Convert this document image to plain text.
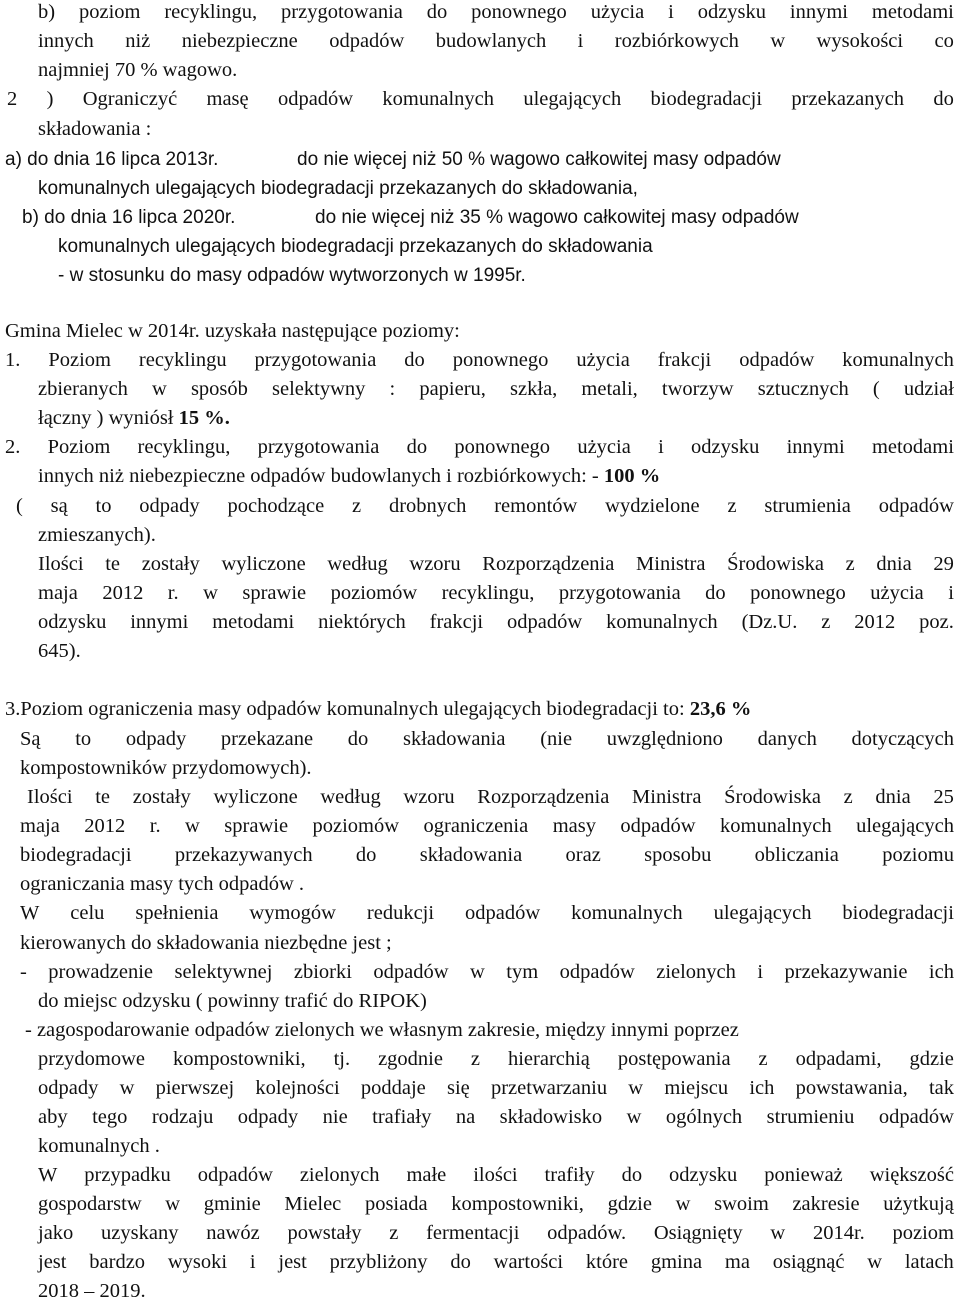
b) poziom recyklingu, przygotowania do ponownego użycia i odzysku innymi metodami
innych niż niebezpieczne odpadów budowlanych i rozbiórkowych w wysokości co
najmniej 70 % wagowo.
2 ) Ograniczyć masę odpadów komunalnych ulegających biodegradacji przekazanych do
składowania :
a) do dnia 16 lipca 2013r.	do nie więcej niż 50 % wagowo całkowitej masy odpadów
komunalnych ulegających biodegradacji przekazanych do składowania,
b) do dnia 16 lipca 2020r.	do nie więcej niż 35 % wagowo całkowitej masy odpadów
komunalnych ulegających biodegradacji przekazanych do składowania
- w stosunku do masy odpadów wytworzonych w 1995r.
Gmina Mielec w 2014r. uzyskała następujące poziomy:
1. Poziom recyklingu przygotowania do ponownego użycia frakcji odpadów komunalnych
zbieranych w sposób selektywny : papieru, szkła, metali, tworzyw sztucznych ( udział
łączny ) wyniósł 15 %.
2. Poziom recyklingu, przygotowania do ponownego użycia i odzysku innymi metodami
innych niż niebezpieczne odpadów budowlanych i rozbiórkowych: - 100 %
( są to odpady pochodzące z drobnych remontów wydzielone z strumienia odpadów
zmieszanych).
Ilości te zostały wyliczone według wzoru Rozporządzenia Ministra Środowiska z dnia 29
maja 2012 r. w sprawie poziomów recyklingu, przygotowania do ponownego użycia i
odzysku innymi metodami niektórych frakcji odpadów komunalnych (Dz.U. z 2012 poz.
645).
3.Poziom ograniczenia masy odpadów komunalnych ulegających biodegradacji to: 23,6 %
Są to odpady przekazane do składowania (nie uwzględniono danych dotyczących
kompostowników przydomowych).
Ilości te zostały wyliczone według wzoru Rozporządzenia Ministra Środowiska z dnia 25
maja 2012 r. w sprawie poziomów ograniczenia masy odpadów komunalnych ulegających
biodegradacji przekazywanych do składowania oraz sposobu obliczania poziomu
ograniczania masy tych odpadów .
W celu spełnienia wymogów redukcji odpadów komunalnych ulegających biodegradacji
kierowanych do składowania niezbędne jest ;
- prowadzenie selektywnej zbiorki odpadów w tym odpadów zielonych i przekazywanie ich
do miejsc odzysku ( powinny trafić do RIPOK)
- zagospodarowanie odpadów zielonych we własnym zakresie, między innymi poprzez
przydomowe kompostowniki, tj. zgodnie z hierarchią postępowania z odpadami, gdzie
odpady w pierwszej kolejności poddaje się przetwarzaniu w miejscu ich powstawania, tak
aby tego rodzaju odpady nie trafiały na składowisko w ogólnych strumieniu odpadów
komunalnych .
W przypadku odpadów zielonych małe ilości trafiły do odzysku ponieważ większość
gospodarstw w gminie Mielec posiada kompostowniki, gdzie w swoim zakresie użytkują
jako uzyskany nawóz powstały z fermentacji odpadów. Osiągnięty w 2014r. poziom
jest bardzo wysoki i jest przybliżony do wartości które gmina ma osiągnąć w latach
2018 – 2019.
